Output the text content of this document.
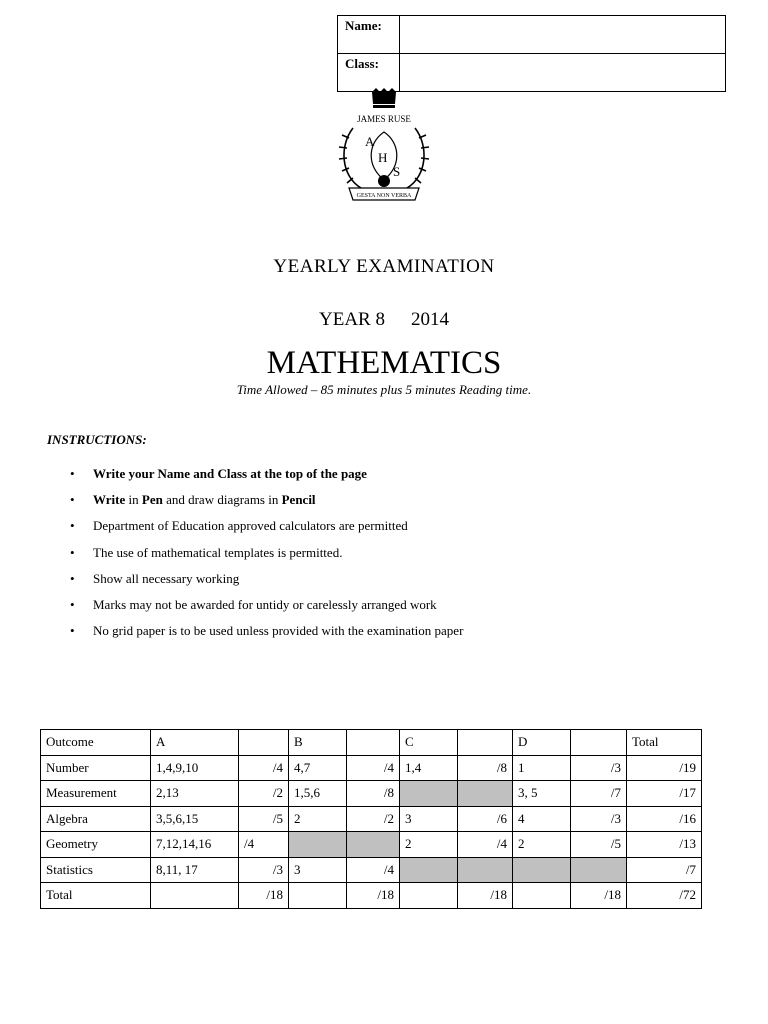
Name:	
Class:	
JAMES RUSE
A
H
S
GESTA NON VERBA
YEARLY EXAMINATION
YEAR 8 2014
MATHEMATICS
Time Allowed – 85 minutes plus 5 minutes Reading time.
INSTRUCTIONS:
• Write your Name and Class at the top of the page
• Write in Pen and draw diagrams in Pencil
• Department of Education approved calculators are permitted
• The use of mathematical templates is permitted.
• Show all necessary working
• Marks may not be awarded for untidy or carelessly arranged work
• No grid paper is to be used unless provided with the examination paper
Outcome	A		B		C		D		Total
Number	1,4,9,10	/4	4,7	/4	1,4	/8	1	/3	/19
Measurement	2,13	/2	1,5,6	/8			3, 5	/7	/17
Algebra	3,5,6,15	/5	2	/2	3	/6	4	/3	/16
Geometry	7,12,14,16	/4			2	/4	2	/5	/13
Statistics	8,11, 17	/3	3	/4					/7
Total		/18		/18		/18		/18	/72
